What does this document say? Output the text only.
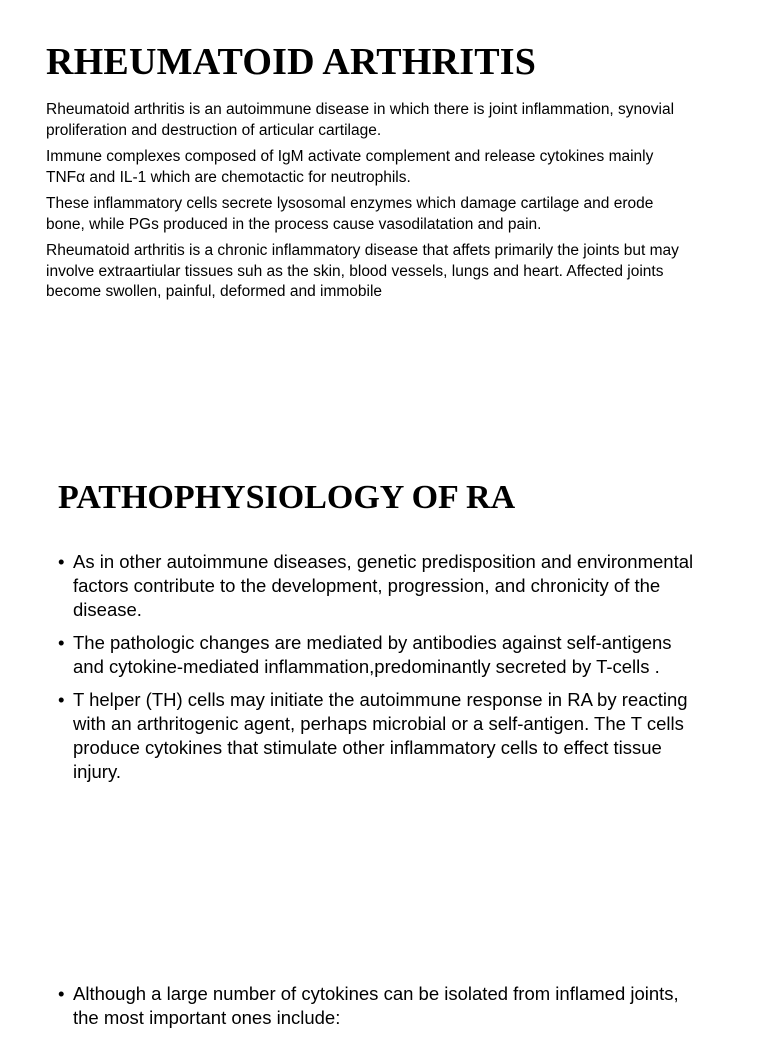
RHEUMATOID ARTHRITIS

Rheumatoid arthritis is an autoimmune disease in which there is joint inflammation, synovial proliferation and destruction of articular cartilage.

Immune complexes composed of IgM activate complement and release cytokines mainly TNFα and IL-1 which are chemotactic for neutrophils.

These inflammatory cells secrete lysosomal enzymes which damage cartilage and erode bone, while PGs produced in the process cause vasodilatation and pain.

Rheumatoid arthritis is a chronic inflammatory disease that affets primarily the joints but may involve extraartiular tissues suh as the skin, blood vessels, lungs and heart. Affected joints become swollen, painful, deformed and immobile

PATHOPHYSIOLOGY OF RA
• As in other autoimmune diseases, genetic predisposition and environmental factors contribute to the development, progression, and chronicity of the disease.
• The pathologic changes are mediated by antibodies against self-antigens and cytokine-mediated inflammation,predominantly secreted by T-cells .
• T helper (TH) cells may initiate the autoimmune response in RA by reacting with an arthritogenic agent, perhaps microbial or a self-antigen. The T cells produce cytokines that stimulate other inflammatory cells to effect tissue injury.
• Although a large number of cytokines can be isolated from inflamed joints, the most important ones include:
